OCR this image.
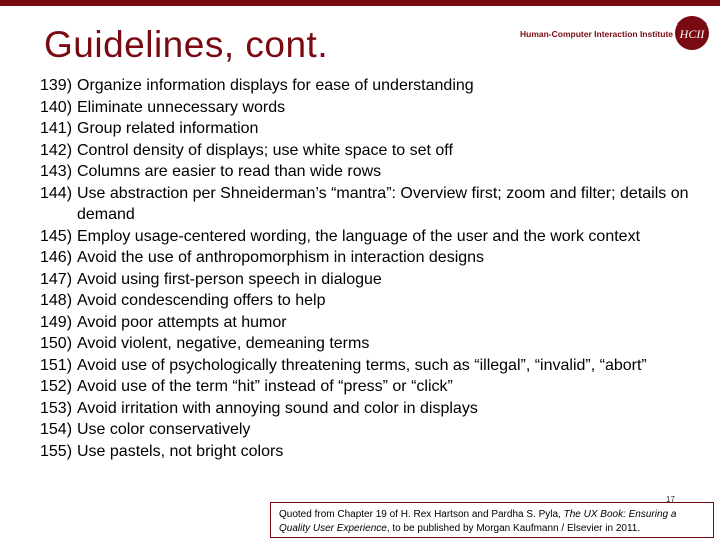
Guidelines, cont.	Human-Computer Interaction Institute HCII
139) Organize information displays for ease of understanding
140) Eliminate unnecessary words
141) Group related information
142) Control density of displays; use white space to set off
143) Columns are easier to read than wide rows
144) Use abstraction per Shneiderman’s “mantra”: Overview first; zoom and filter; details on demand
145) Employ usage-centered wording, the language of the user and the work context
146) Avoid the use of anthropomorphism in interaction designs
147) Avoid using first-person speech in dialogue
148) Avoid condescending offers to help
149) Avoid poor attempts at humor
150) Avoid violent, negative, demeaning terms
151) Avoid use of psychologically threatening terms, such as “illegal”, “invalid”, “abort”
152) Avoid use of the term “hit” instead of “press” or “click”
153) Avoid irritation with annoying sound and color in displays
154) Use color conservatively
155) Use pastels, not bright colors
17
Quoted from Chapter 19 of H. Rex Hartson and Pardha S. Pyla, The UX Book: Ensuring a Quality User Experience, to be published by Morgan Kaufmann / Elsevier in 2011.
